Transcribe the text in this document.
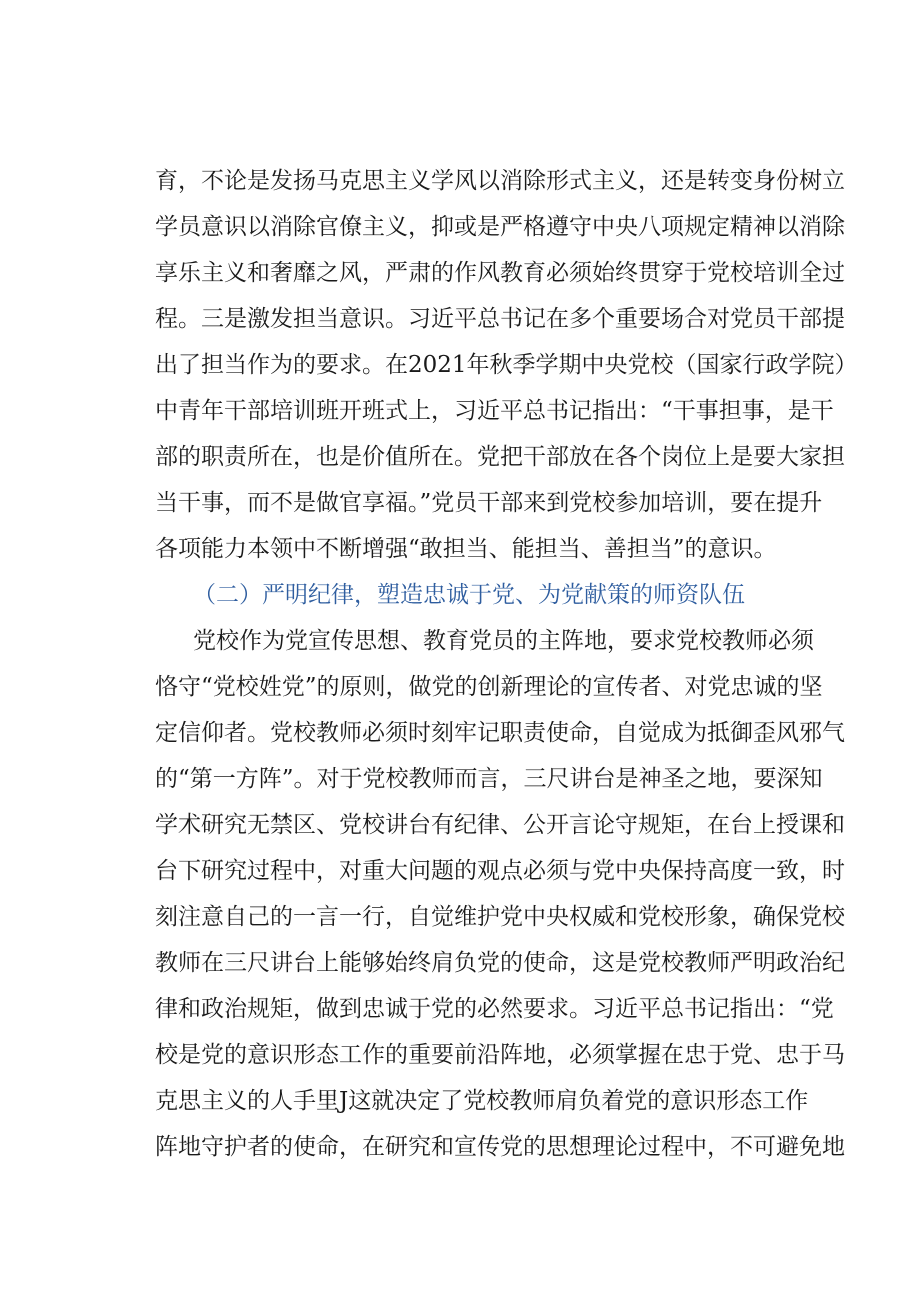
育，不论是发扬马克思主义学风以消除形式主义，还是转变身份树立
学员意识以消除官僚主义，抑或是严格遵守中央八项规定精神以消除
享乐主义和奢靡之风，严肃的作风教育必须始终贯穿于党校培训全过
程。三是激发担当意识。习近平总书记在多个重要场合对党员干部提
出了担当作为的要求。在2021年秋季学期中央党校（国家行政学院）
中青年干部培训班开班式上，习近平总书记指出：“干事担事，是干
部的职责所在，也是价值所在。党把干部放在各个岗位上是要大家担
当干事，而不是做官享福。”党员干部来到党校参加培训，要在提升
各项能力本领中不断增强“敢担当、能担当、善担当”的意识。
（二）严明纪律，塑造忠诚于党、为党献策的师资队伍
党校作为党宣传思想、教育党员的主阵地，要求党校教师必须
恪守“党校姓党”的原则，做党的创新理论的宣传者、对党忠诚的坚
定信仰者。党校教师必须时刻牢记职责使命，自觉成为抵御歪风邪气
的“第一方阵”。对于党校教师而言，三尺讲台是神圣之地，要深知
学术研究无禁区、党校讲台有纪律、公开言论守规矩，在台上授课和
台下研究过程中，对重大问题的观点必须与党中央保持高度一致，时
刻注意自己的一言一行，自觉维护党中央权威和党校形象，确保党校
教师在三尺讲台上能够始终肩负党的使命，这是党校教师严明政治纪
律和政治规矩，做到忠诚于党的必然要求。习近平总书记指出：“党
校是党的意识形态工作的重要前沿阵地，必须掌握在忠于党、忠于马
克思主义的人手里J这就决定了党校教师肩负着党的意识形态工作
阵地守护者的使命，在研究和宣传党的思想理论过程中，不可避免地
